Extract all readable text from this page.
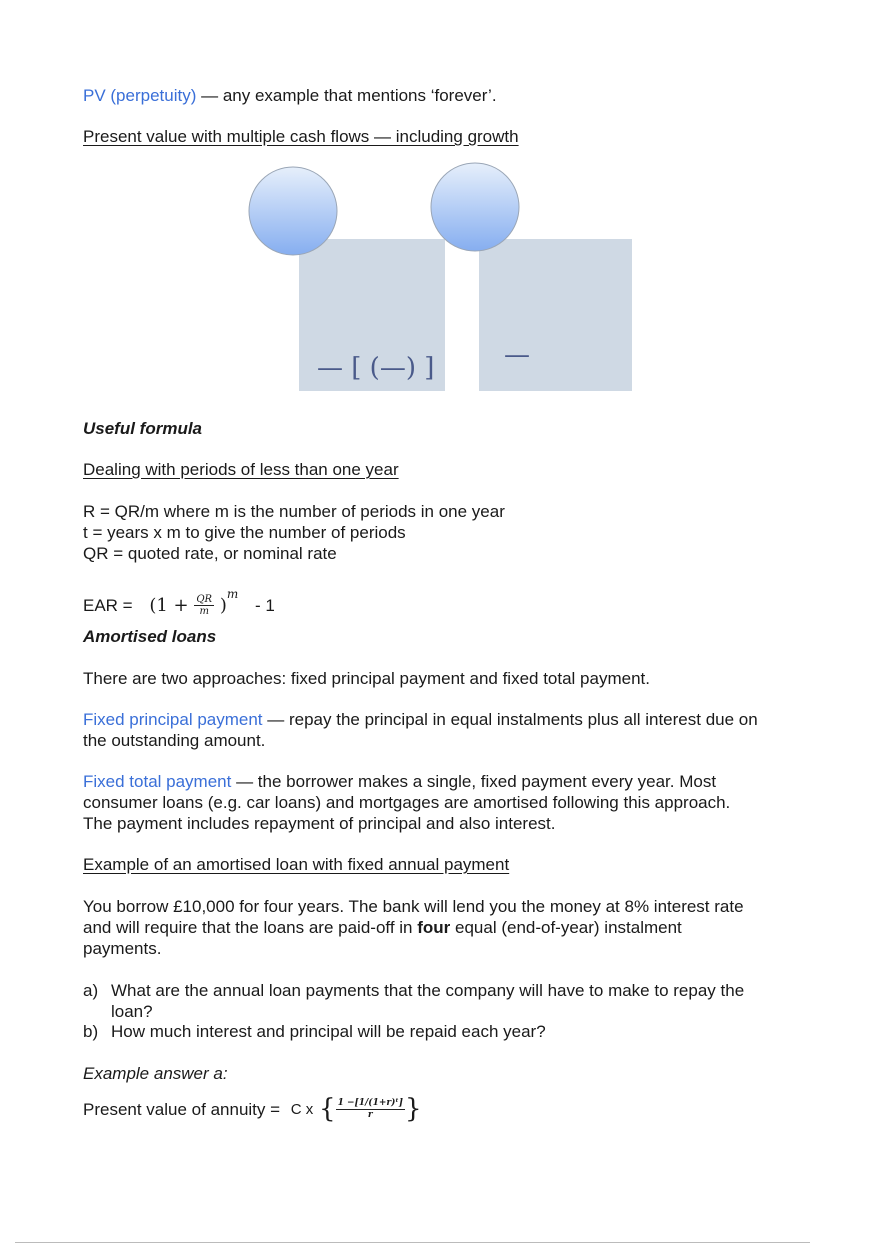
PV (perpetuity) — any example that mentions ‘forever’.
Present value with multiple cash flows — including growth
— [ (—) ]	—
Useful formula
Dealing with periods of less than one year
R = QR/m where m is the number of periods in one year
t = years x m to give the number of periods
QR = quoted rate, or nominal rate
EAR = $(1 + \frac{QR}{m} )^m - 1$
Amortised loans
There are two approaches: fixed principal payment and fixed total payment.
Fixed principal payment — repay the principal in equal instalments plus all interest due on
the outstanding amount.
Fixed total payment — the borrower makes a single, fixed payment every year. Most
consumer loans (e.g. car loans) and mortgages are amortised following this approach.
The payment includes repayment of principal and also interest.
Example of an amortised loan with fixed annual payment
You borrow £10,000 for four years. The bank will lend you the money at 8% interest rate
and will require that the loans are paid-off in four equal (end-of-year) instalment
payments.
a) What are the annual loan payments that the company will have to make to repay the
loan?
b) How much interest and principal will be repaid each year?
Example answer a:
Present value of annuity = C x { $\frac{\text{1 −[1/(1+r)ᵗ]}}{r}$ }
